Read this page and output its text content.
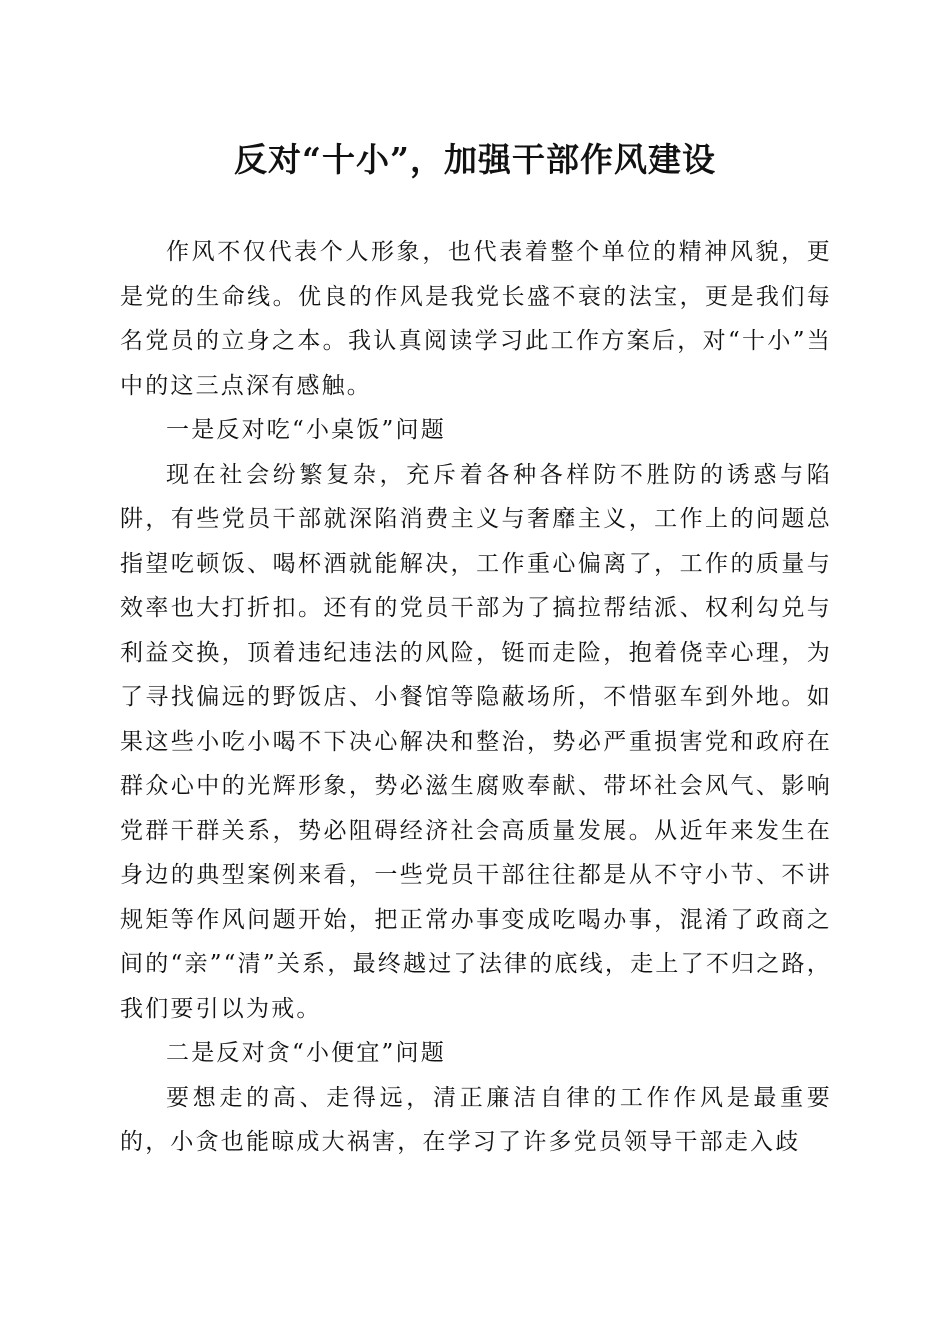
反对“十小”，加强干部作风建设

作风不仅代表个人形象，也代表着整个单位的精神风貌，更是党的生命线。优良的作风是我党长盛不衰的法宝，更是我们每名党员的立身之本。我认真阅读学习此工作方案后，对“十小”当中的这三点深有感触。

一是反对吃“小桌饭”问题

现在社会纷繁复杂，充斥着各种各样防不胜防的诱惑与陷阱，有些党员干部就深陷消费主义与奢靡主义，工作上的问题总指望吃顿饭、喝杯酒就能解决，工作重心偏离了，工作的质量与效率也大打折扣。还有的党员干部为了搞拉帮结派、权利勾兑与利益交换，顶着违纪违法的风险，铤而走险，抱着侥幸心理，为了寻找偏远的野饭店、小餐馆等隐蔽场所，不惜驱车到外地。如果这些小吃小喝不下决心解决和整治，势必严重损害党和政府在群众心中的光辉形象，势必滋生腐败奉献、带坏社会风气、影响党群干群关系，势必阻碍经济社会高质量发展。从近年来发生在身边的典型案例来看，一些党员干部往往都是从不守小节、不讲规矩等作风问题开始，把正常办事变成吃喝办事，混淆了政商之间的“亲”“清”关系，最终越过了法律的底线，走上了不归之路，我们要引以为戒。

二是反对贪“小便宜”问题

要想走的高、走得远，清正廉洁自律的工作作风是最重要的，小贪也能晾成大祸害，在学习了许多党员领导干部走入歧
